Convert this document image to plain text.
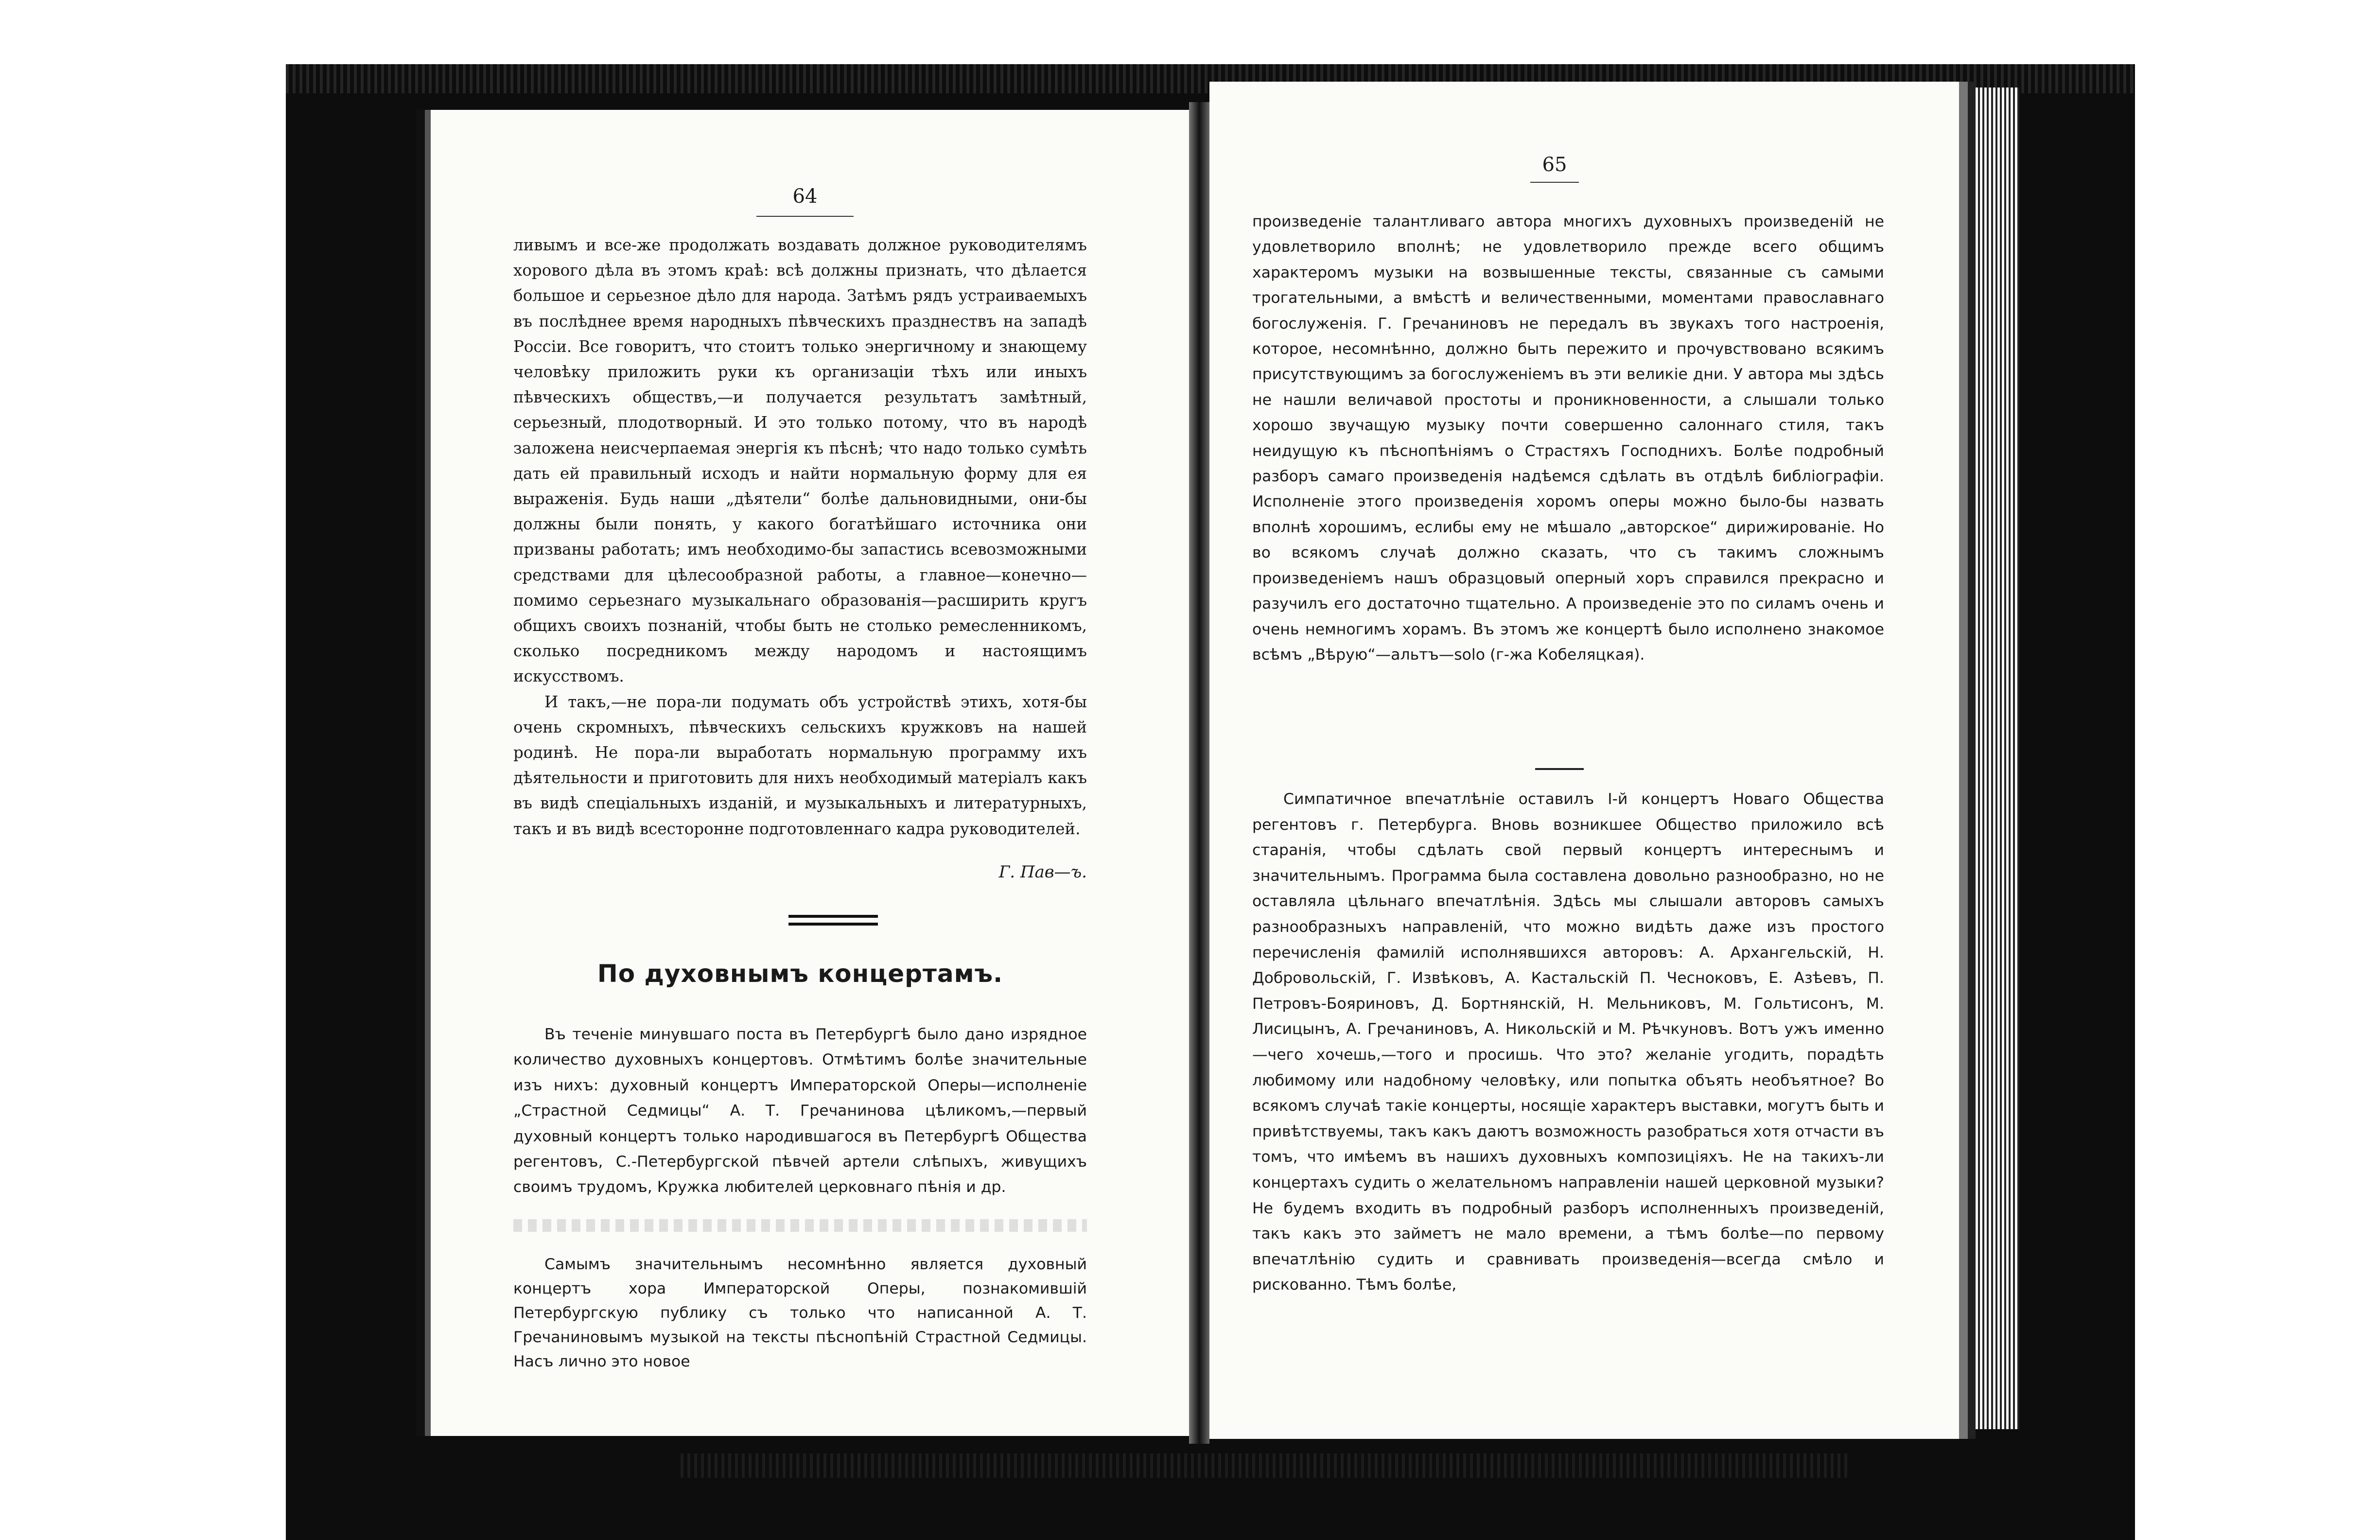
64

ливымъ и все-же продолжать воздавать должное руководителямъ хорового дѣла въ этомъ краѣ: всѣ должны признать, что дѣлается большое и серьезное дѣло для народа. Затѣмъ рядъ устраиваемыхъ въ послѣднее время народныхъ пѣвческихъ празднествъ на западѣ Россіи. Все говоритъ, что стоитъ только энергичному и знающему человѣку приложить руки къ организаціи тѣхъ или иныхъ пѣвческихъ обществъ,—и получается результатъ замѣтный, серьезный, плодотворный. И это только потому, что въ народѣ заложена неисчерпаемая энергія къ пѣснѣ; что надо только сумѣть дать ей правильный исходъ и найти нормальную форму для ея выраженія. Будь наши „дѣятели“ болѣе дальновидными, они-бы должны были понять, у какого богатѣйшаго источника они призваны работать; имъ необходимо-бы запастись всевозможными средствами для цѣлесообразной работы, а главное—конечно—помимо серьезнаго музыкальнаго образованія—расширить кругъ общихъ своихъ познаній, чтобы быть не столько ремесленникомъ, сколько посредникомъ между народомъ и настоящимъ искусствомъ.

И такъ,—не пора-ли подумать объ устройствѣ этихъ, хотя-бы очень скромныхъ, пѣвческихъ сельскихъ кружковъ на нашей родинѣ. Не пора-ли выработать нормальную программу ихъ дѣятельности и приготовить для нихъ необходимый матеріалъ какъ въ видѣ спеціальныхъ изданій, и музыкальныхъ и литературныхъ, такъ и въ видѣ всесторонне подготовленнаго кадра руководителей.

Г. Пав—ъ.
По духовнымъ концертамъ.

Въ теченіе минувшаго поста въ Петербургѣ было дано изрядное количество духовныхъ концертовъ. Отмѣтимъ болѣе значительные изъ нихъ: духовный концертъ Императорской Оперы—исполненіе „Страстной Седмицы“ А. Т. Гречанинова цѣликомъ,—первый духовный концертъ только народившагося въ Петербургѣ Общества регентовъ, С.-Петербургской пѣвчей артели слѣпыхъ, живущихъ своимъ трудомъ, Кружка любителей церковнаго пѣнія и др.

Самымъ значительнымъ несомнѣнно является духовный концертъ хора Императорской Оперы, познакомившій Петербургскую публику съ только что написанной А. Т. Гречаниновымъ музыкой на тексты пѣснопѣній Страстной Седмицы. Насъ лично это новое

65

произведеніе талантливаго автора многихъ духовныхъ произведеній не удовлетворило вполнѣ; не удовлетворило прежде всего общимъ характеромъ музыки на возвышенные тексты, связанные съ самыми трогательными, а вмѣстѣ и величественными, моментами православнаго богослуженія. Г. Гречаниновъ не передалъ въ звукахъ того настроенія, которое, несомнѣнно, должно быть пережито и прочувствовано всякимъ присутствующимъ за богослуженіемъ въ эти великіе дни. У автора мы здѣсь не нашли величавой простоты и проникновенности, а слышали только хорошо звучащую музыку почти совершенно салоннаго стиля, такъ неидущую къ пѣснопѣніямъ о Страстяхъ Господнихъ. Болѣе подробный разборъ самаго произведенія надѣемся сдѣлать въ отдѣлѣ библіографіи. Исполненіе этого произведенія хоромъ оперы можно было-бы назвать вполнѣ хорошимъ, еслибы ему не мѣшало „авторское“ дирижированіе. Но во всякомъ случаѣ должно сказать, что съ такимъ сложнымъ произведеніемъ нашъ образцовый оперный хоръ справился прекрасно и разучилъ его достаточно тщательно. А произведеніе это по силамъ очень и очень немногимъ хорамъ. Въ этомъ же концертѣ было исполнено знакомое всѣмъ „Вѣрую“—альтъ—solo (г-жа Кобеляцкая).

Симпатичное впечатлѣніе оставилъ I-й концертъ Новаго Общества регентовъ г. Петербурга. Вновь возникшее Общество приложило всѣ старанія, чтобы сдѣлать свой первый концертъ интереснымъ и значительнымъ. Программа была составлена довольно разнообразно, но не оставляла цѣльнаго впечатлѣнія. Здѣсь мы слышали авторовъ самыхъ разнообразныхъ направленій, что можно видѣть даже изъ простого перечисленія фамилій исполнявшихся авторовъ: А. Архангельскій, Н. Добровольскій, Г. Извѣковъ, А. Кастальскій П. Чесноковъ, Е. Азѣевъ, П. Петровъ-Бояриновъ, Д. Бортнянскій, Н. Мельниковъ, М. Гольтисонъ, М. Лисицынъ, А. Гречаниновъ, А. Никольскій и М. Рѣчкуновъ. Вотъ ужъ именно—чего хочешь,—того и просишь. Что это? желаніе угодить, порадѣть любимому или надобному человѣку, или попытка объять необъятное? Во всякомъ случаѣ такіе концерты, носящіе характеръ выставки, могутъ быть и привѣтствуемы, такъ какъ даютъ возможность разобраться хотя отчасти въ томъ, что имѣемъ въ нашихъ духовныхъ композиціяхъ. Не на такихъ-ли концертахъ судить о желательномъ направленіи нашей церковной музыки? Не будемъ входить въ подробный разборъ исполненныхъ произведеній, такъ какъ это займетъ не мало времени, а тѣмъ болѣе—по первому впечатлѣнію судить и сравнивать произведенія—всегда смѣло и рискованно. Тѣмъ болѣе,
